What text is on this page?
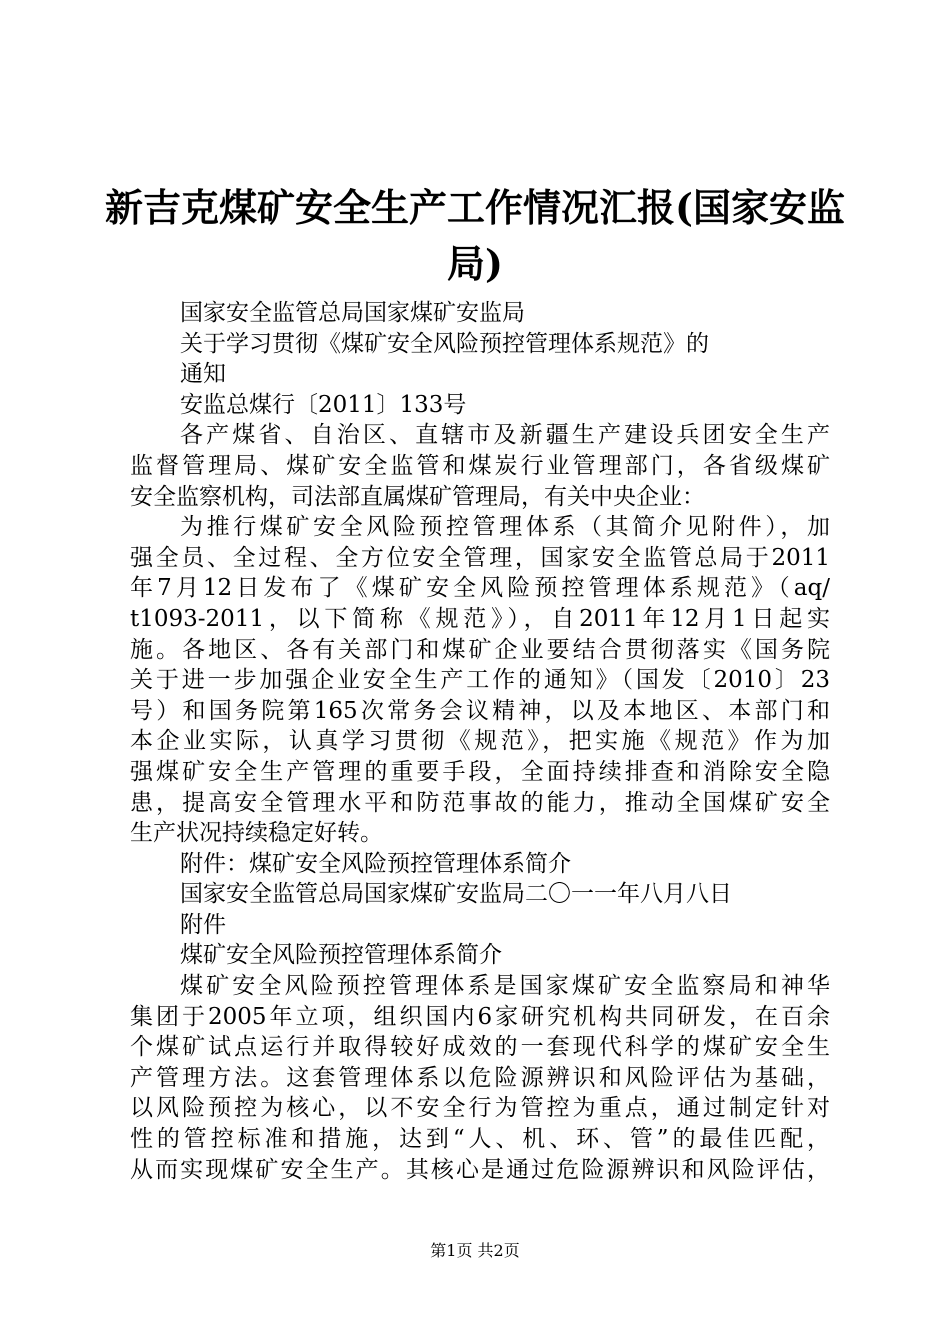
新吉克煤矿安全生产工作情况汇报(国家安监
局)
国家安全监管总局国家煤矿安监局
关于学习贯彻《煤矿安全风险预控管理体系规范》的
通知
安监总煤行〔2011〕133号
各产煤省、自治区、直辖市及新疆生产建设兵团安全生产
监督管理局、煤矿安全监管和煤炭行业管理部门，各省级煤矿
安全监察机构，司法部直属煤矿管理局，有关中央企业：
为推行煤矿安全风险预控管理体系（其简介见附件），加
强全员、全过程、全方位安全管理，国家安全监管总局于2011
年7月12日发布了《煤矿安全风险预控管理体系规范》（aq/
t1093-2011，以下简称《规范》），自2011年12月1日起实
施。各地区、各有关部门和煤矿企业要结合贯彻落实《国务院
关于进一步加强企业安全生产工作的通知》（国发〔2010〕23
号）和国务院第165次常务会议精神，以及本地区、本部门和
本企业实际，认真学习贯彻《规范》，把实施《规范》作为加
强煤矿安全生产管理的重要手段，全面持续排查和消除安全隐
患，提高安全管理水平和防范事故的能力，推动全国煤矿安全
生产状况持续稳定好转。
附件：煤矿安全风险预控管理体系简介
国家安全监管总局国家煤矿安监局二〇一一年八月八日
附件
煤矿安全风险预控管理体系简介
煤矿安全风险预控管理体系是国家煤矿安全监察局和神华
集团于2005年立项，组织国内6家研究机构共同研发，在百余
个煤矿试点运行并取得较好成效的一套现代科学的煤矿安全生
产管理方法。这套管理体系以危险源辨识和风险评估为基础，
以风险预控为核心，以不安全行为管控为重点，通过制定针对
性的管控标准和措施，达到“人、机、环、管”的最佳匹配，
从而实现煤矿安全生产。其核心是通过危险源辨识和风险评估，
第1页 共2页
